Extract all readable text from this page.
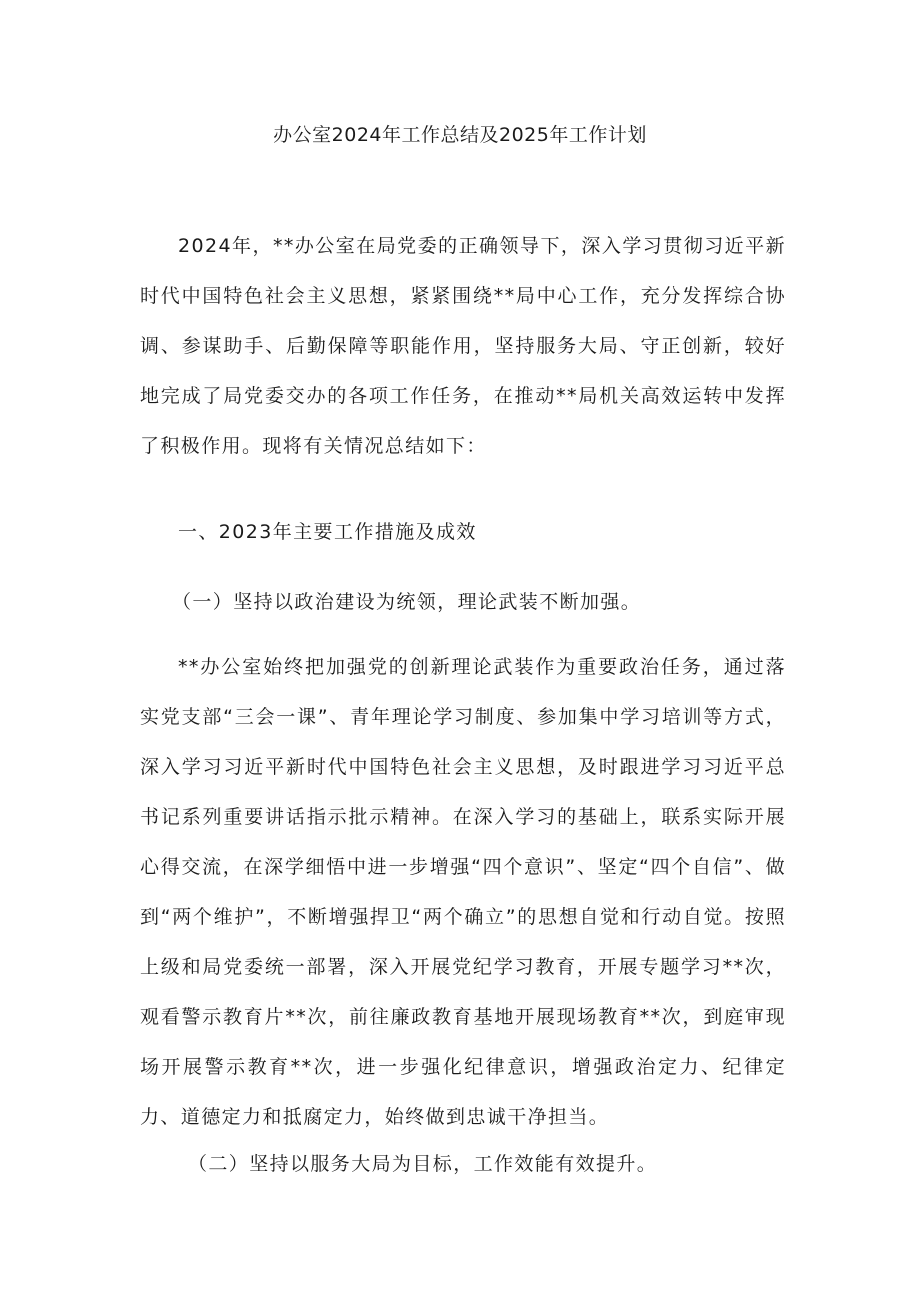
办公室2024年工作总结及2025年工作计划

2024年，**办公室在局党委的正确领导下，深入学习贯彻习近平新时代中国特色社会主义思想，紧紧围绕**局中心工作，充分发挥综合协调、参谋助手、后勤保障等职能作用，坚持服务大局、守正创新，较好地完成了局党委交办的各项工作任务，在推动**局机关高效运转中发挥了积极作用。现将有关情况总结如下：

一、2023年主要工作措施及成效
（一）坚持以政治建设为统领，理论武装不断加强。

**办公室始终把加强党的创新理论武装作为重要政治任务，通过落实党支部“三会一课”、青年理论学习制度、参加集中学习培训等方式，深入学习习近平新时代中国特色社会主义思想，及时跟进学习习近平总书记系列重要讲话指示批示精神。在深入学习的基础上，联系实际开展心得交流，在深学细悟中进一步增强“四个意识”、坚定“四个自信”、做到“两个维护”，不断增强捍卫“两个确立”的思想自觉和行动自觉。按照上级和局党委统一部署，深入开展党纪学习教育，开展专题学习**次，观看警示教育片**次，前往廉政教育基地开展现场教育**次，到庭审现场开展警示教育**次，进一步强化纪律意识，增强政治定力、纪律定力、道德定力和抵腐定力，始终做到忠诚干净担当。

（二）坚持以服务大局为目标，工作效能有效提升。
